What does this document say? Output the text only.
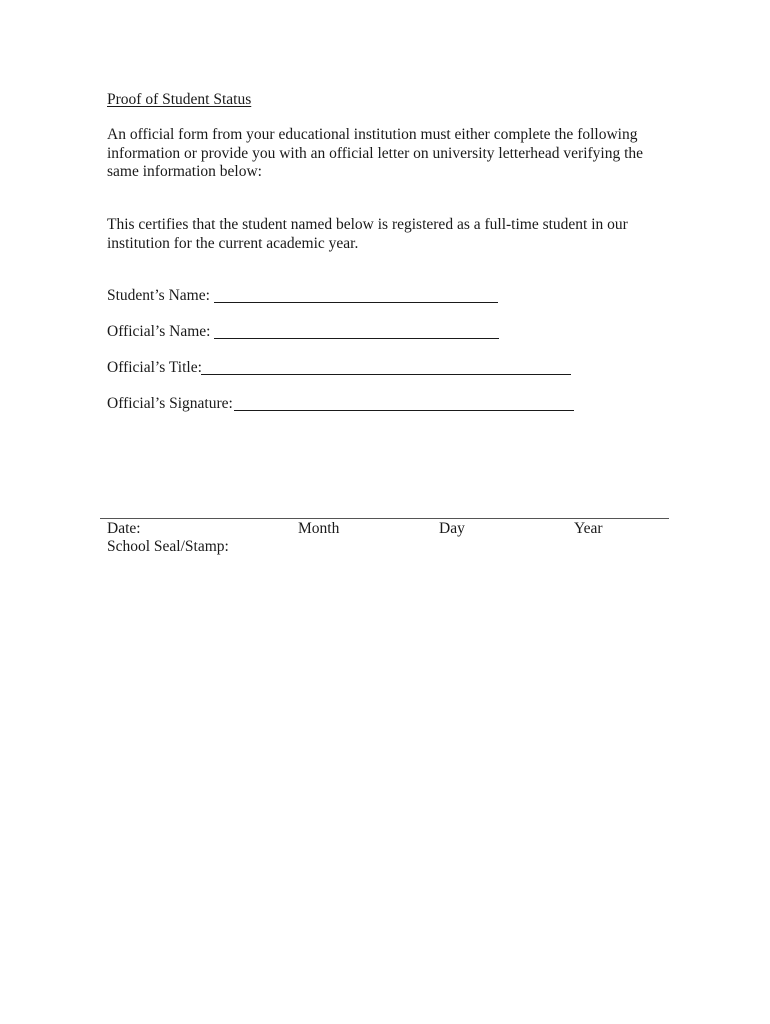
Proof of Student Status
An official form from your educational institution must either complete the following information or provide you with an official letter on university letterhead verifying the same information below:
This certifies that the student named below is registered as a full-time student in our institution for the current academic year.
Student’s Name:
Official’s Name:
Official’s Title:
Official’s Signature:
Date:	Month	Day	Year
School Seal/Stamp:
